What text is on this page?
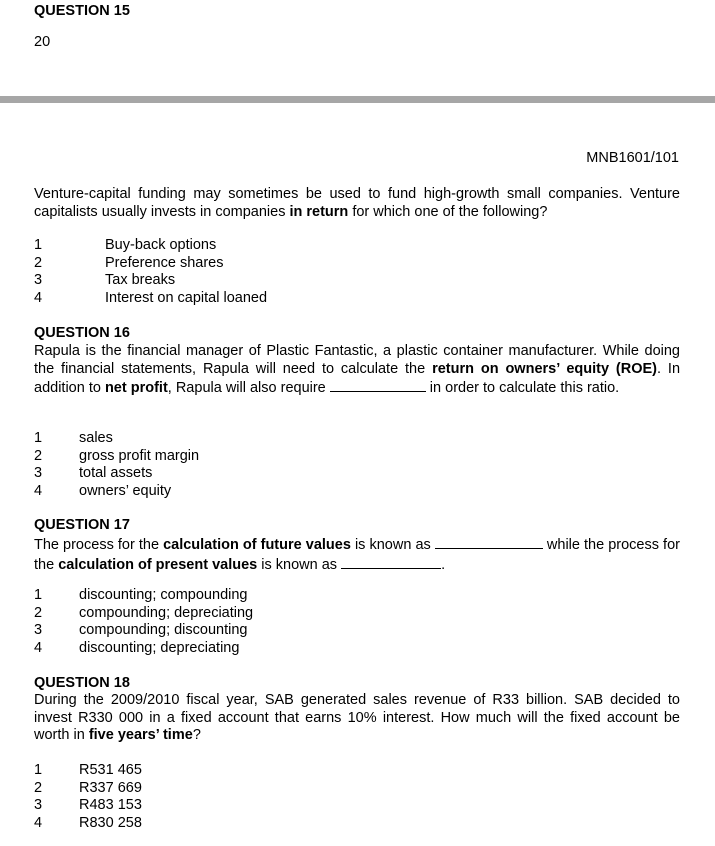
QUESTION 15
20
MNB1601/101
Venture-capital funding may sometimes be used to fund high-growth small companies. Venture capitalists usually invests in companies in return for which one of the following?
1	Buy-back options
2	Preference shares
3	Tax breaks
4	Interest on capital loaned
QUESTION 16
Rapula is the financial manager of Plastic Fantastic, a plastic container manufacturer. While doing the financial statements, Rapula will need to calculate the return on owners’ equity (ROE). In addition to net profit, Rapula will also require	in order to calculate this ratio.
1	sales
2	gross profit margin
3	total assets
4	owners’ equity
QUESTION 17
The process for the calculation of future values is known as	while the process for the calculation of present values is known as	.
1	discounting; compounding
2	compounding; depreciating
3	compounding; discounting
4	discounting; depreciating
QUESTION 18
During the 2009/2010 fiscal year, SAB generated sales revenue of R33 billion. SAB decided to invest R330 000 in a fixed account that earns 10% interest. How much will the fixed account be worth in five years’ time?
1	R531 465
2	R337 669
3	R483 153
4	R830 258
